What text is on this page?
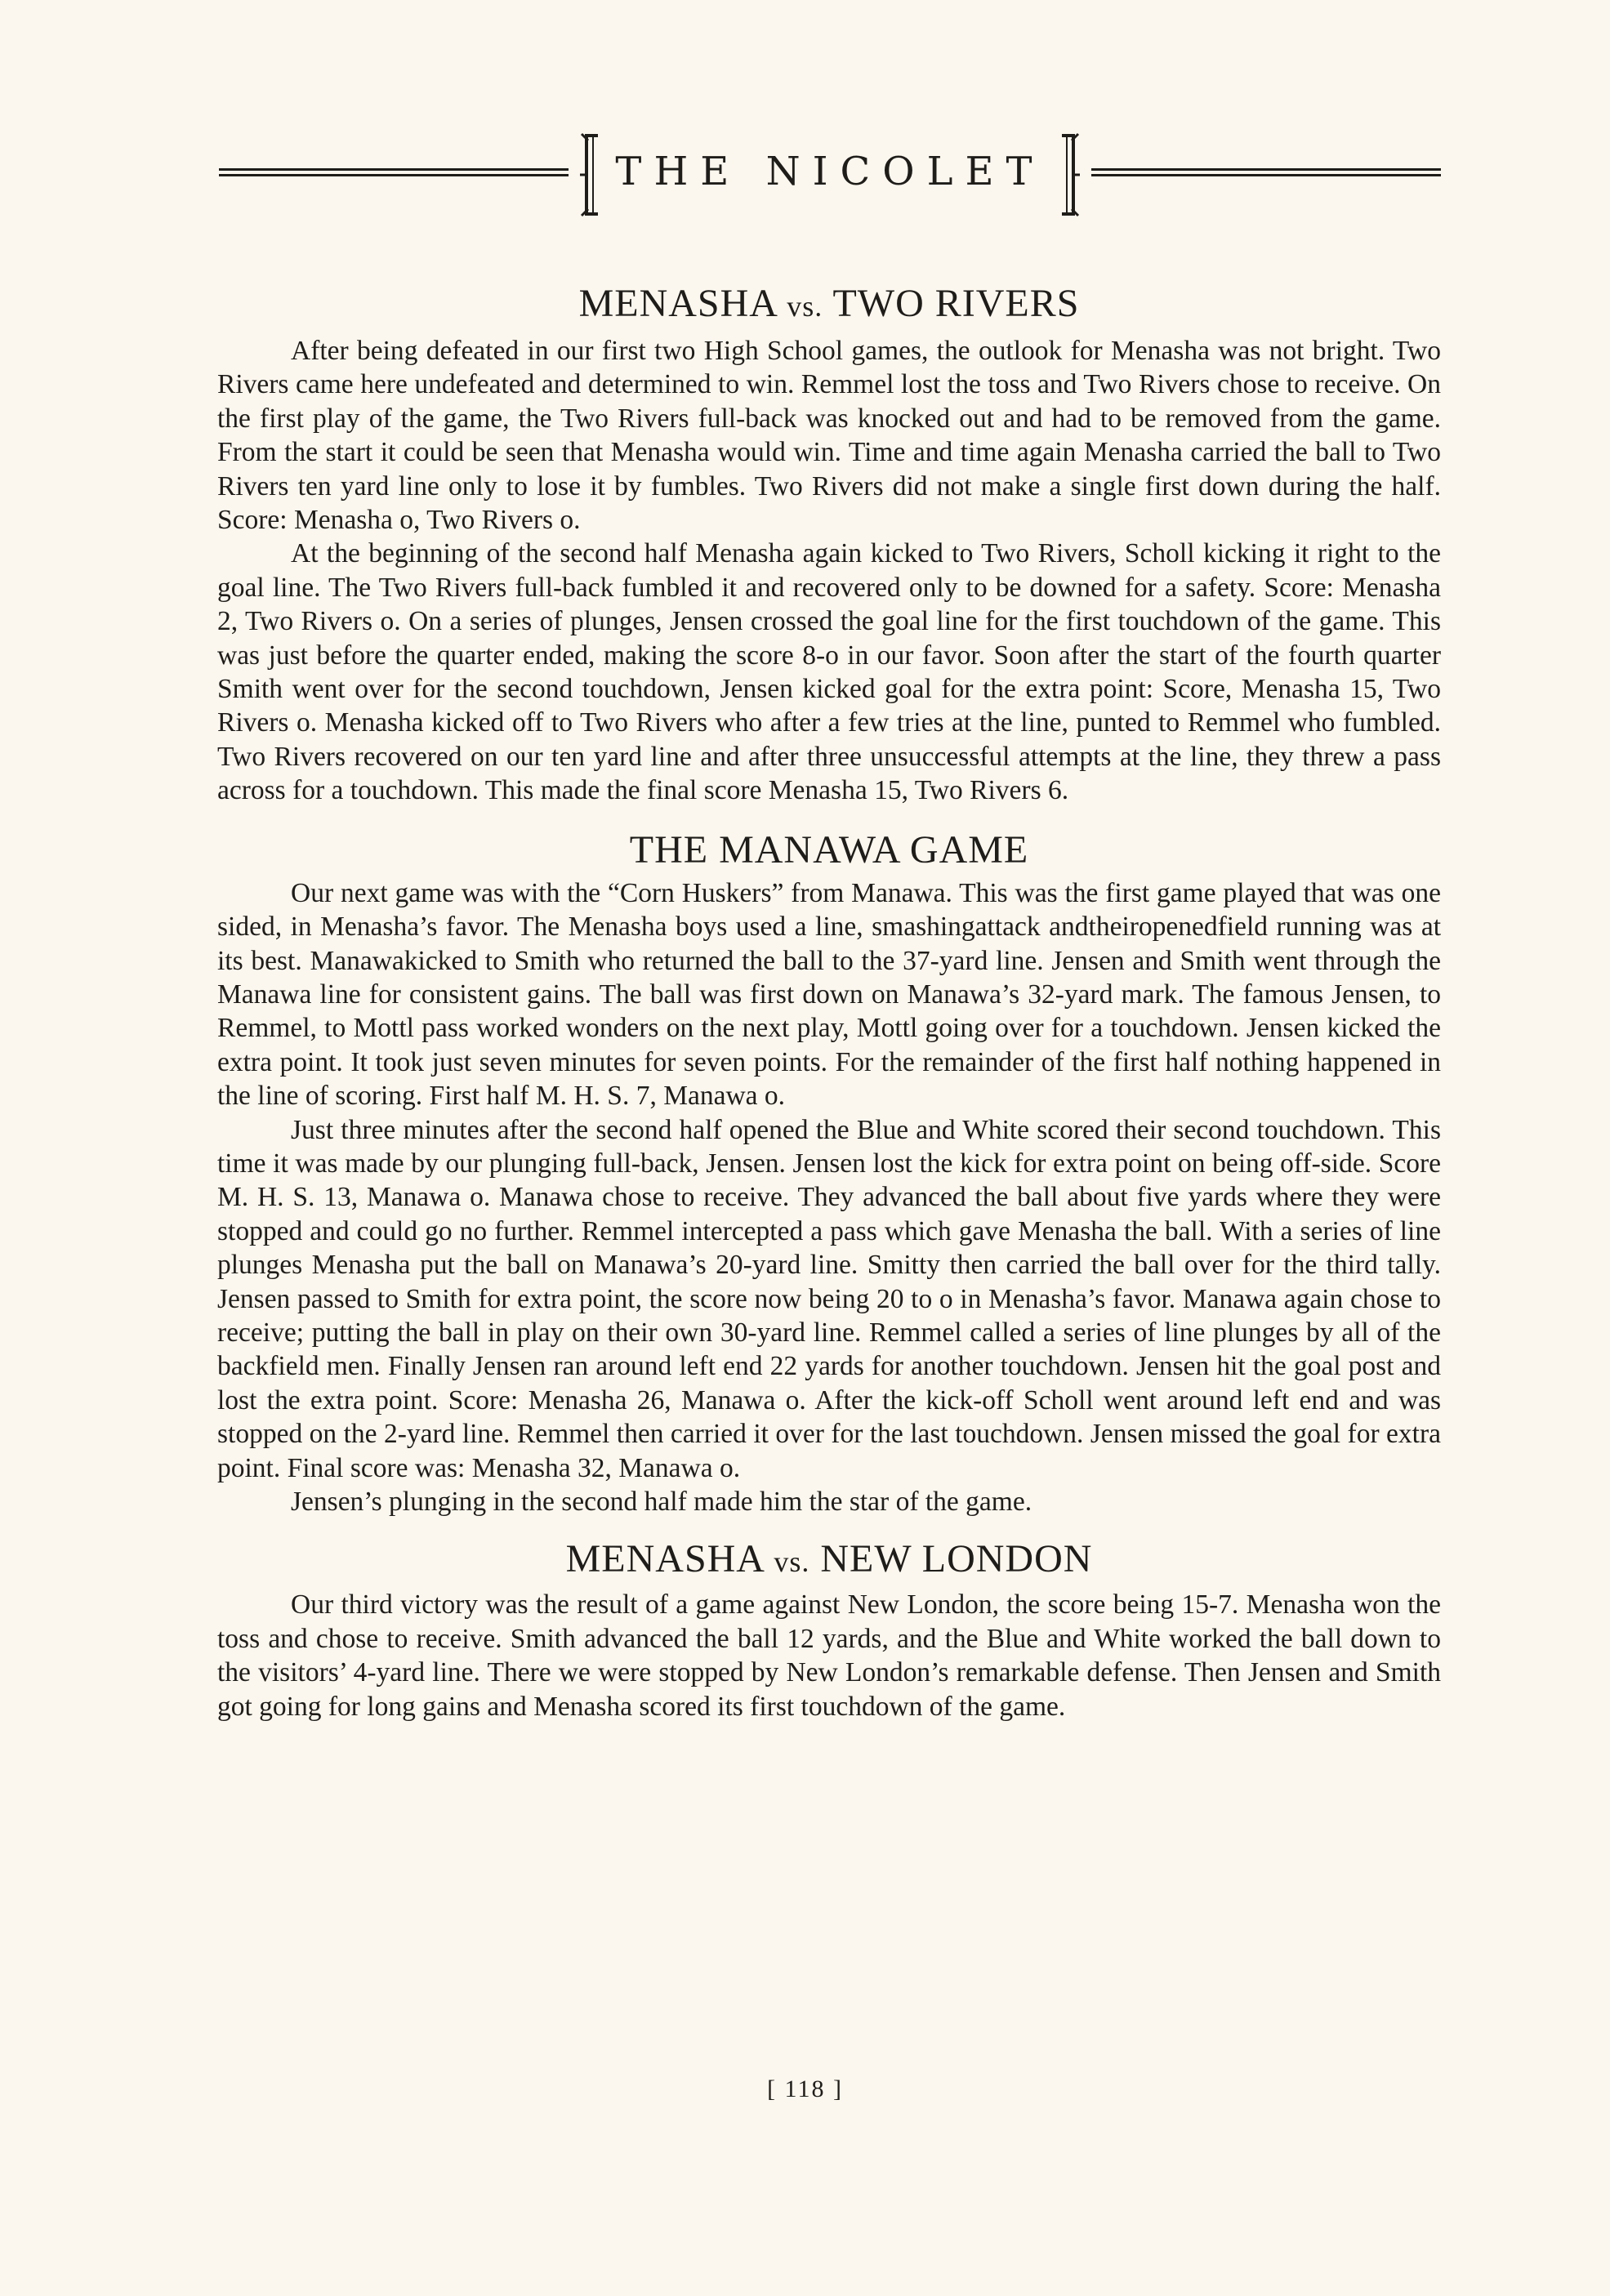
THE NICOLET
MENASHA vs. TWO RIVERS

After being defeated in our first two High School games, the outlook for Menasha was not bright. Two Rivers came here undefeated and determined to win. Remmel lost the toss and Two Rivers chose to receive. On the first play of the game, the Two Rivers full-back was knocked out and had to be removed from the game. From the start it could be seen that Menasha would win. Time and time again Menasha carried the ball to Two Rivers ten yard line only to lose it by fumbles. Two Rivers did not make a single first down during the half. Score: Menasha o, Two Rivers o.

At the beginning of the second half Menasha again kicked to Two Rivers, Scholl kicking it right to the goal line. The Two Rivers full-back fumbled it and recovered only to be downed for a safety. Score: Menasha 2, Two Rivers o. On a series of plunges, Jensen crossed the goal line for the first touchdown of the game. This was just before the quarter ended, making the score 8-o in our favor. Soon after the start of the fourth quarter Smith went over for the second touchdown, Jensen kicked goal for the extra point: Score, Menasha 15, Two Rivers o. Menasha kicked off to Two Rivers who after a few tries at the line, punted to Remmel who fumbled. Two Rivers recovered on our ten yard line and after three unsuccessful attempts at the line, they threw a pass across for a touchdown. This made the final score Menasha 15, Two Rivers 6.

THE MANAWA GAME

Our next game was with the “Corn Huskers” from Manawa. This was the first game played that was one sided, in Menasha’s favor. The Menasha boys used a line, smashingattack andtheiropenedfield running was at its best. Manawakicked to Smith who returned the ball to the 37-yard line. Jensen and Smith went through the Manawa line for consistent gains. The ball was first down on Manawa’s 32-yard mark. The famous Jensen, to Remmel, to Mottl pass worked wonders on the next play, Mottl going over for a touchdown. Jensen kicked the extra point. It took just seven minutes for seven points. For the remainder of the first half nothing happened in the line of scoring. First half M. H. S. 7, Manawa o.

Just three minutes after the second half opened the Blue and White scored their second touchdown. This time it was made by our plunging full-back, Jensen. Jensen lost the kick for extra point on being off-side. Score M. H. S. 13, Manawa o. Manawa chose to receive. They advanced the ball about five yards where they were stopped and could go no further. Remmel intercepted a pass which gave Menasha the ball. With a series of line plunges Menasha put the ball on Manawa’s 20-yard line. Smitty then carried the ball over for the third tally. Jensen passed to Smith for extra point, the score now being 20 to o in Menasha’s favor. Manawa again chose to receive; putting the ball in play on their own 30-yard line. Remmel called a series of line plunges by all of the backfield men. Finally Jensen ran around left end 22 yards for another touchdown. Jensen hit the goal post and lost the extra point. Score: Menasha 26, Manawa o. After the kick-off Scholl went around left end and was stopped on the 2-yard line. Remmel then carried it over for the last touchdown. Jensen missed the goal for extra point. Final score was: Menasha 32, Manawa o.

Jensen’s plunging in the second half made him the star of the game.

MENASHA vs. NEW LONDON

Our third victory was the result of a game against New London, the score being 15-7. Menasha won the toss and chose to receive. Smith advanced the ball 12 yards, and the Blue and White worked the ball down to the visitors’ 4-yard line. There we were stopped by New London’s remarkable defense. Then Jensen and Smith got going for long gains and Menasha scored its first touchdown of the game.

[ 118 ]
